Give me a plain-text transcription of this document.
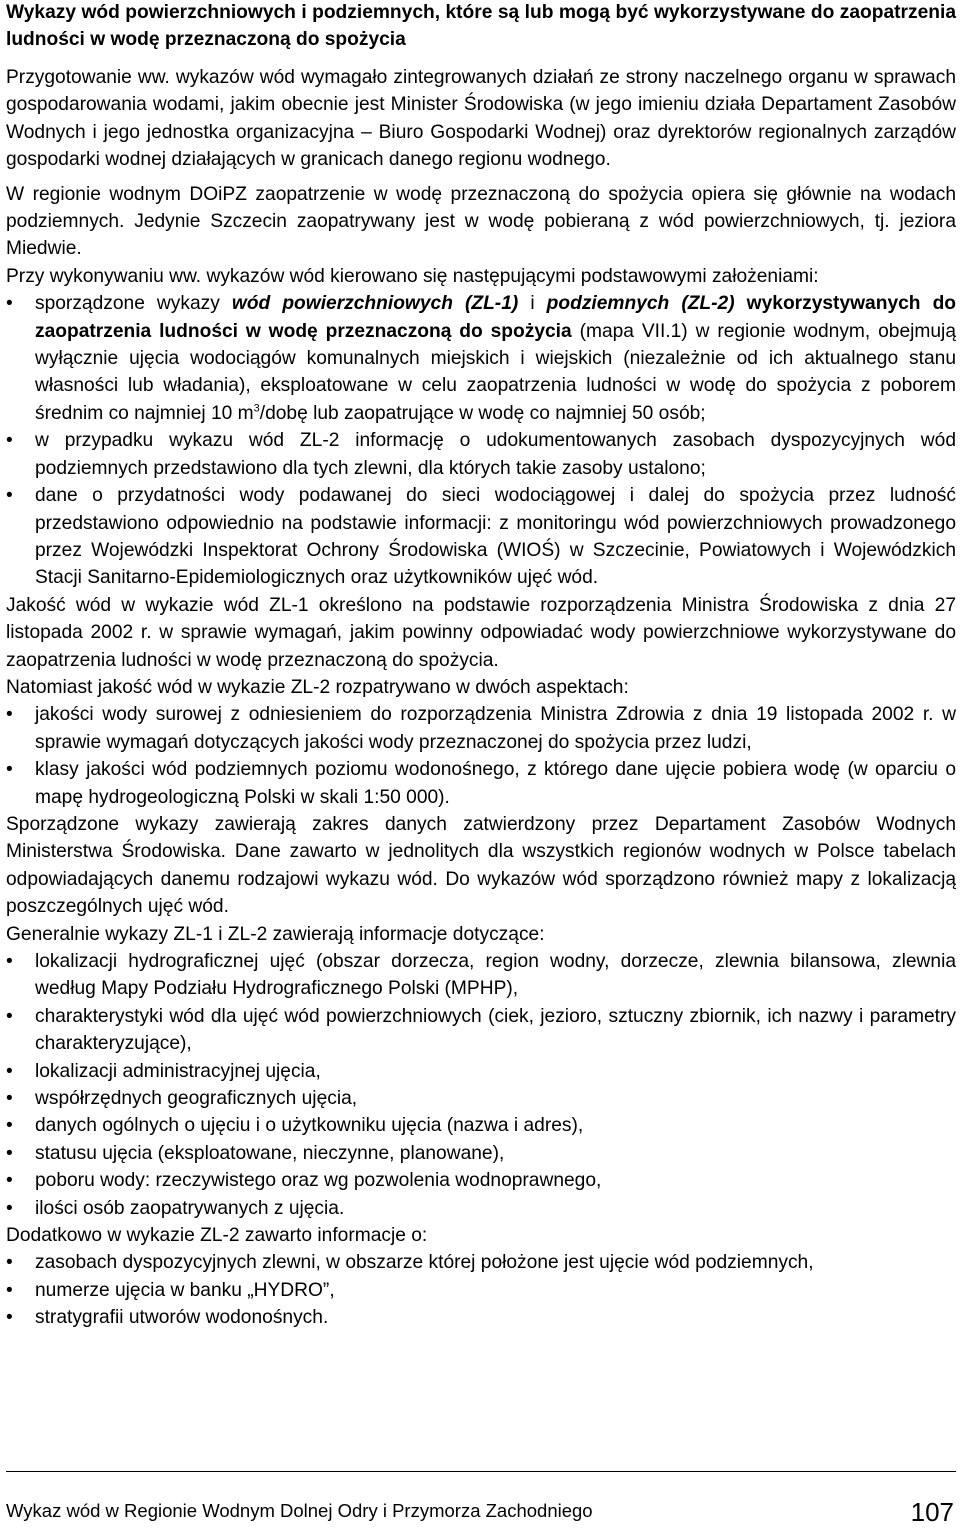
Wykazy wód powierzchniowych i podziemnych, które są lub mogą być wykorzystywane do zaopatrzenia ludności w wodę przeznaczoną do spożycia

Przygotowanie ww. wykazów wód wymagało zintegrowanych działań ze strony naczelnego organu w sprawach gospodarowania wodami, jakim obecnie jest Minister Środowiska (w jego imieniu działa Departament Zasobów Wodnych i jego jednostka organizacyjna – Biuro Gospodarki Wodnej) oraz dyrektorów regionalnych zarządów gospodarki wodnej działających w granicach danego regionu wodnego.

W regionie wodnym DOiPZ zaopatrzenie w wodę przeznaczoną do spożycia opiera się głównie na wodach podziemnych. Jedynie Szczecin zaopatrywany jest w wodę pobieraną z wód powierzchniowych, tj. jeziora Miedwie.

Przy wykonywaniu ww. wykazów wód kierowano się następującymi podstawowymi założeniami:

• sporządzone wykazy wód powierzchniowych (ZL-1) i podziemnych (ZL-2) wykorzystywanych do zaopatrzenia ludności w wodę przeznaczoną do spożycia (mapa VII.1) w regionie wodnym, obejmują wyłącznie ujęcia wodociągów komunalnych miejskich i wiejskich (niezależnie od ich aktualnego stanu własności lub władania), eksploatowane w celu zaopatrzenia ludności w wodę do spożycia z poborem średnim co najmniej 10 $m^3$/dobę lub zaopatrujące w wodę co najmniej 50 osób;
• w przypadku wykazu wód ZL-2 informację o udokumentowanych zasobach dyspozycyjnych wód podziemnych przedstawiono dla tych zlewni, dla których takie zasoby ustalono;
• dane o przydatności wody podawanej do sieci wodociągowej i dalej do spożycia przez ludność przedstawiono odpowiednio na podstawie informacji: z monitoringu wód powierzchniowych prowadzonego przez Wojewódzki Inspektorat Ochrony Środowiska (WIOŚ) w Szczecinie, Powiatowych i Wojewódzkich Stacji Sanitarno-Epidemiologicznych oraz użytkowników ujęć wód.

Jakość wód w wykazie wód ZL-1 określono na podstawie rozporządzenia Ministra Środowiska z dnia 27 listopada 2002 r. w sprawie wymagań, jakim powinny odpowiadać wody powierzchniowe wykorzystywane do zaopatrzenia ludności w wodę przeznaczoną do spożycia.

Natomiast jakość wód w wykazie ZL-2 rozpatrywano w dwóch aspektach:

• jakości wody surowej z odniesieniem do rozporządzenia Ministra Zdrowia z dnia 19 listopada 2002 r. w sprawie wymagań dotyczących jakości wody przeznaczonej do spożycia przez ludzi,
• klasy jakości wód podziemnych poziomu wodonośnego, z którego dane ujęcie pobiera wodę (w oparciu o mapę hydrogeologiczną Polski w skali 1:50 000).

Sporządzone wykazy zawierają zakres danych zatwierdzony przez Departament Zasobów Wodnych Ministerstwa Środowiska. Dane zawarto w jednolitych dla wszystkich regionów wodnych w Polsce tabelach odpowiadających danemu rodzajowi wykazu wód. Do wykazów wód sporządzono również mapy z lokalizacją poszczególnych ujęć wód.

Generalnie wykazy ZL-1 i ZL-2 zawierają informacje dotyczące:

• lokalizacji hydrograficznej ujęć (obszar dorzecza, region wodny, dorzecze, zlewnia bilansowa, zlewnia według Mapy Podziału Hydrograficznego Polski (MPHP),
• charakterystyki wód dla ujęć wód powierzchniowych (ciek, jezioro, sztuczny zbiornik, ich nazwy i parametry charakteryzujące),
• lokalizacji administracyjnej ujęcia,
• współrzędnych geograficznych ujęcia,
• danych ogólnych o ujęciu i o użytkowniku ujęcia (nazwa i adres),
• statusu ujęcia (eksploatowane, nieczynne, planowane),
• poboru wody: rzeczywistego oraz wg pozwolenia wodnoprawnego,
• ilości osób zaopatrywanych z ujęcia.

Dodatkowo w wykazie ZL-2 zawarto informacje o:

• zasobach dyspozycyjnych zlewni, w obszarze której położone jest ujęcie wód podziemnych,
• numerze ujęcia w banku „HYDRO”,
• stratygrafii utworów wodonośnych.
Wykaz wód w Regionie Wodnym Dolnej Odry i Przymorza Zachodniego	107
